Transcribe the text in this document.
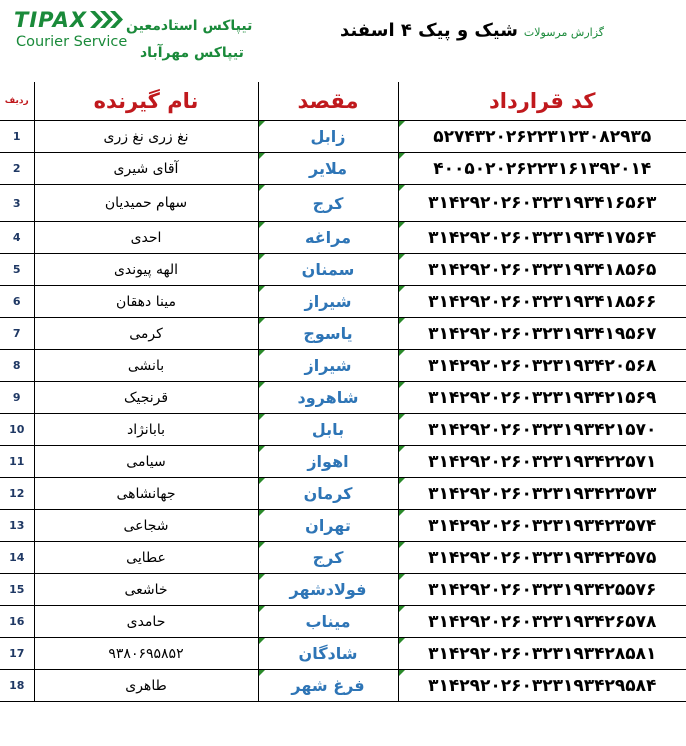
TIPAX
Courier Service
تیپاکس استادمعین
تیپاکس مهرآباد
گزارش مرسولات
شیک و پیک ۴ اسفند
ردیف	نام گیرنده	مقصد	کد قرارداد
1	نغ زری نغ زری	زابل	۵۲۷۴۳۲۰۲۶۲۲۳۱۲۳۰۸۲۹۳۵
2	آقای شیری	ملایر	۴۰۰۵۰۲۰۲۶۲۲۳۱۶۱۳۹۲۰۱۴
3	سهام حمیدیان	کرج	۳۱۴۲۹۲۰۲۶۰۳۲۳۱۹۳۴۱۶۵۶۳
4	احدی	مراغه	۳۱۴۲۹۲۰۲۶۰۳۲۳۱۹۳۴۱۷۵۶۴
5	الهه پیوندی	سمنان	۳۱۴۲۹۲۰۲۶۰۳۲۳۱۹۳۴۱۸۵۶۵
6	مینا دهقان	شیراز	۳۱۴۲۹۲۰۲۶۰۳۲۳۱۹۳۴۱۸۵۶۶
7	کرمی	یاسوج	۳۱۴۲۹۲۰۲۶۰۳۲۳۱۹۳۴۱۹۵۶۷
8	بانشی	شیراز	۳۱۴۲۹۲۰۲۶۰۳۲۳۱۹۳۴۲۰۵۶۸
9	قرنجیک	شاهرود	۳۱۴۲۹۲۰۲۶۰۳۲۳۱۹۳۴۲۱۵۶۹
10	بابانژاد	بابل	۳۱۴۲۹۲۰۲۶۰۳۲۳۱۹۳۴۲۱۵۷۰
11	سیامی	اهواز	۳۱۴۲۹۲۰۲۶۰۳۲۳۱۹۳۴۲۲۵۷۱
12	جهانشاهی	کرمان	۳۱۴۲۹۲۰۲۶۰۳۲۳۱۹۳۴۲۳۵۷۳
13	شجاعی	تهران	۳۱۴۲۹۲۰۲۶۰۳۲۳۱۹۳۴۲۳۵۷۴
14	عطایی	کرج	۳۱۴۲۹۲۰۲۶۰۳۲۳۱۹۳۴۲۴۵۷۵
15	خاشعی	فولادشهر	۳۱۴۲۹۲۰۲۶۰۳۲۳۱۹۳۴۲۵۵۷۶
16	حامدی	میناب	۳۱۴۲۹۲۰۲۶۰۳۲۳۱۹۳۴۲۶۵۷۸
17	۹۳۸۰۶۹۵۸۵۲	شادگان	۳۱۴۲۹۲۰۲۶۰۳۲۳۱۹۳۴۲۸۵۸۱
18	طاهری	فرغ شهر	۳۱۴۲۹۲۰۲۶۰۳۲۳۱۹۳۴۲۹۵۸۴
